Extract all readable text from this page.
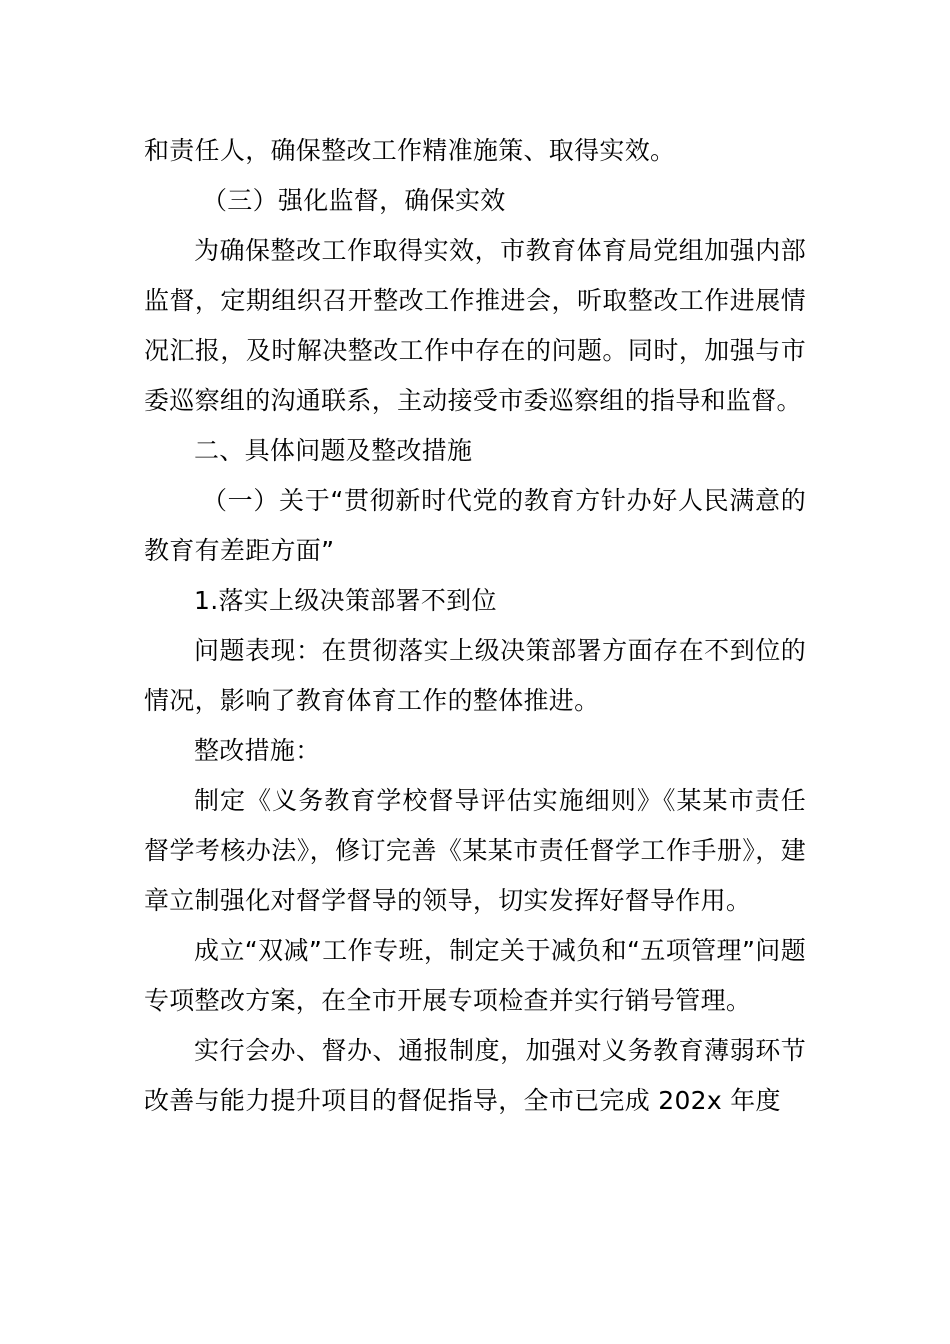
和责任人，确保整改工作精准施策、取得实效。

（三）强化监督，确保实效

为确保整改工作取得实效，市教育体育局党组加强内部监督，定期组织召开整改工作推进会，听取整改工作进展情况汇报，及时解决整改工作中存在的问题。同时，加强与市委巡察组的沟通联系，主动接受市委巡察组的指导和监督。

二、具体问题及整改措施

（一）关于“贯彻新时代党的教育方针办好人民满意的教育有差距方面”

1.落实上级决策部署不到位

问题表现：在贯彻落实上级决策部署方面存在不到位的情况，影响了教育体育工作的整体推进。

整改措施：

制定《义务教育学校督导评估实施细则》《某某市责任督学考核办法》，修订完善《某某市责任督学工作手册》，建章立制强化对督学督导的领导，切实发挥好督导作用。

成立“双减”工作专班，制定关于减负和“五项管理”问题专项整改方案，在全市开展专项检查并实行销号管理。

实行会办、督办、通报制度，加强对义务教育薄弱环节改善与能力提升项目的督促指导，全市已完成 202x 年度
